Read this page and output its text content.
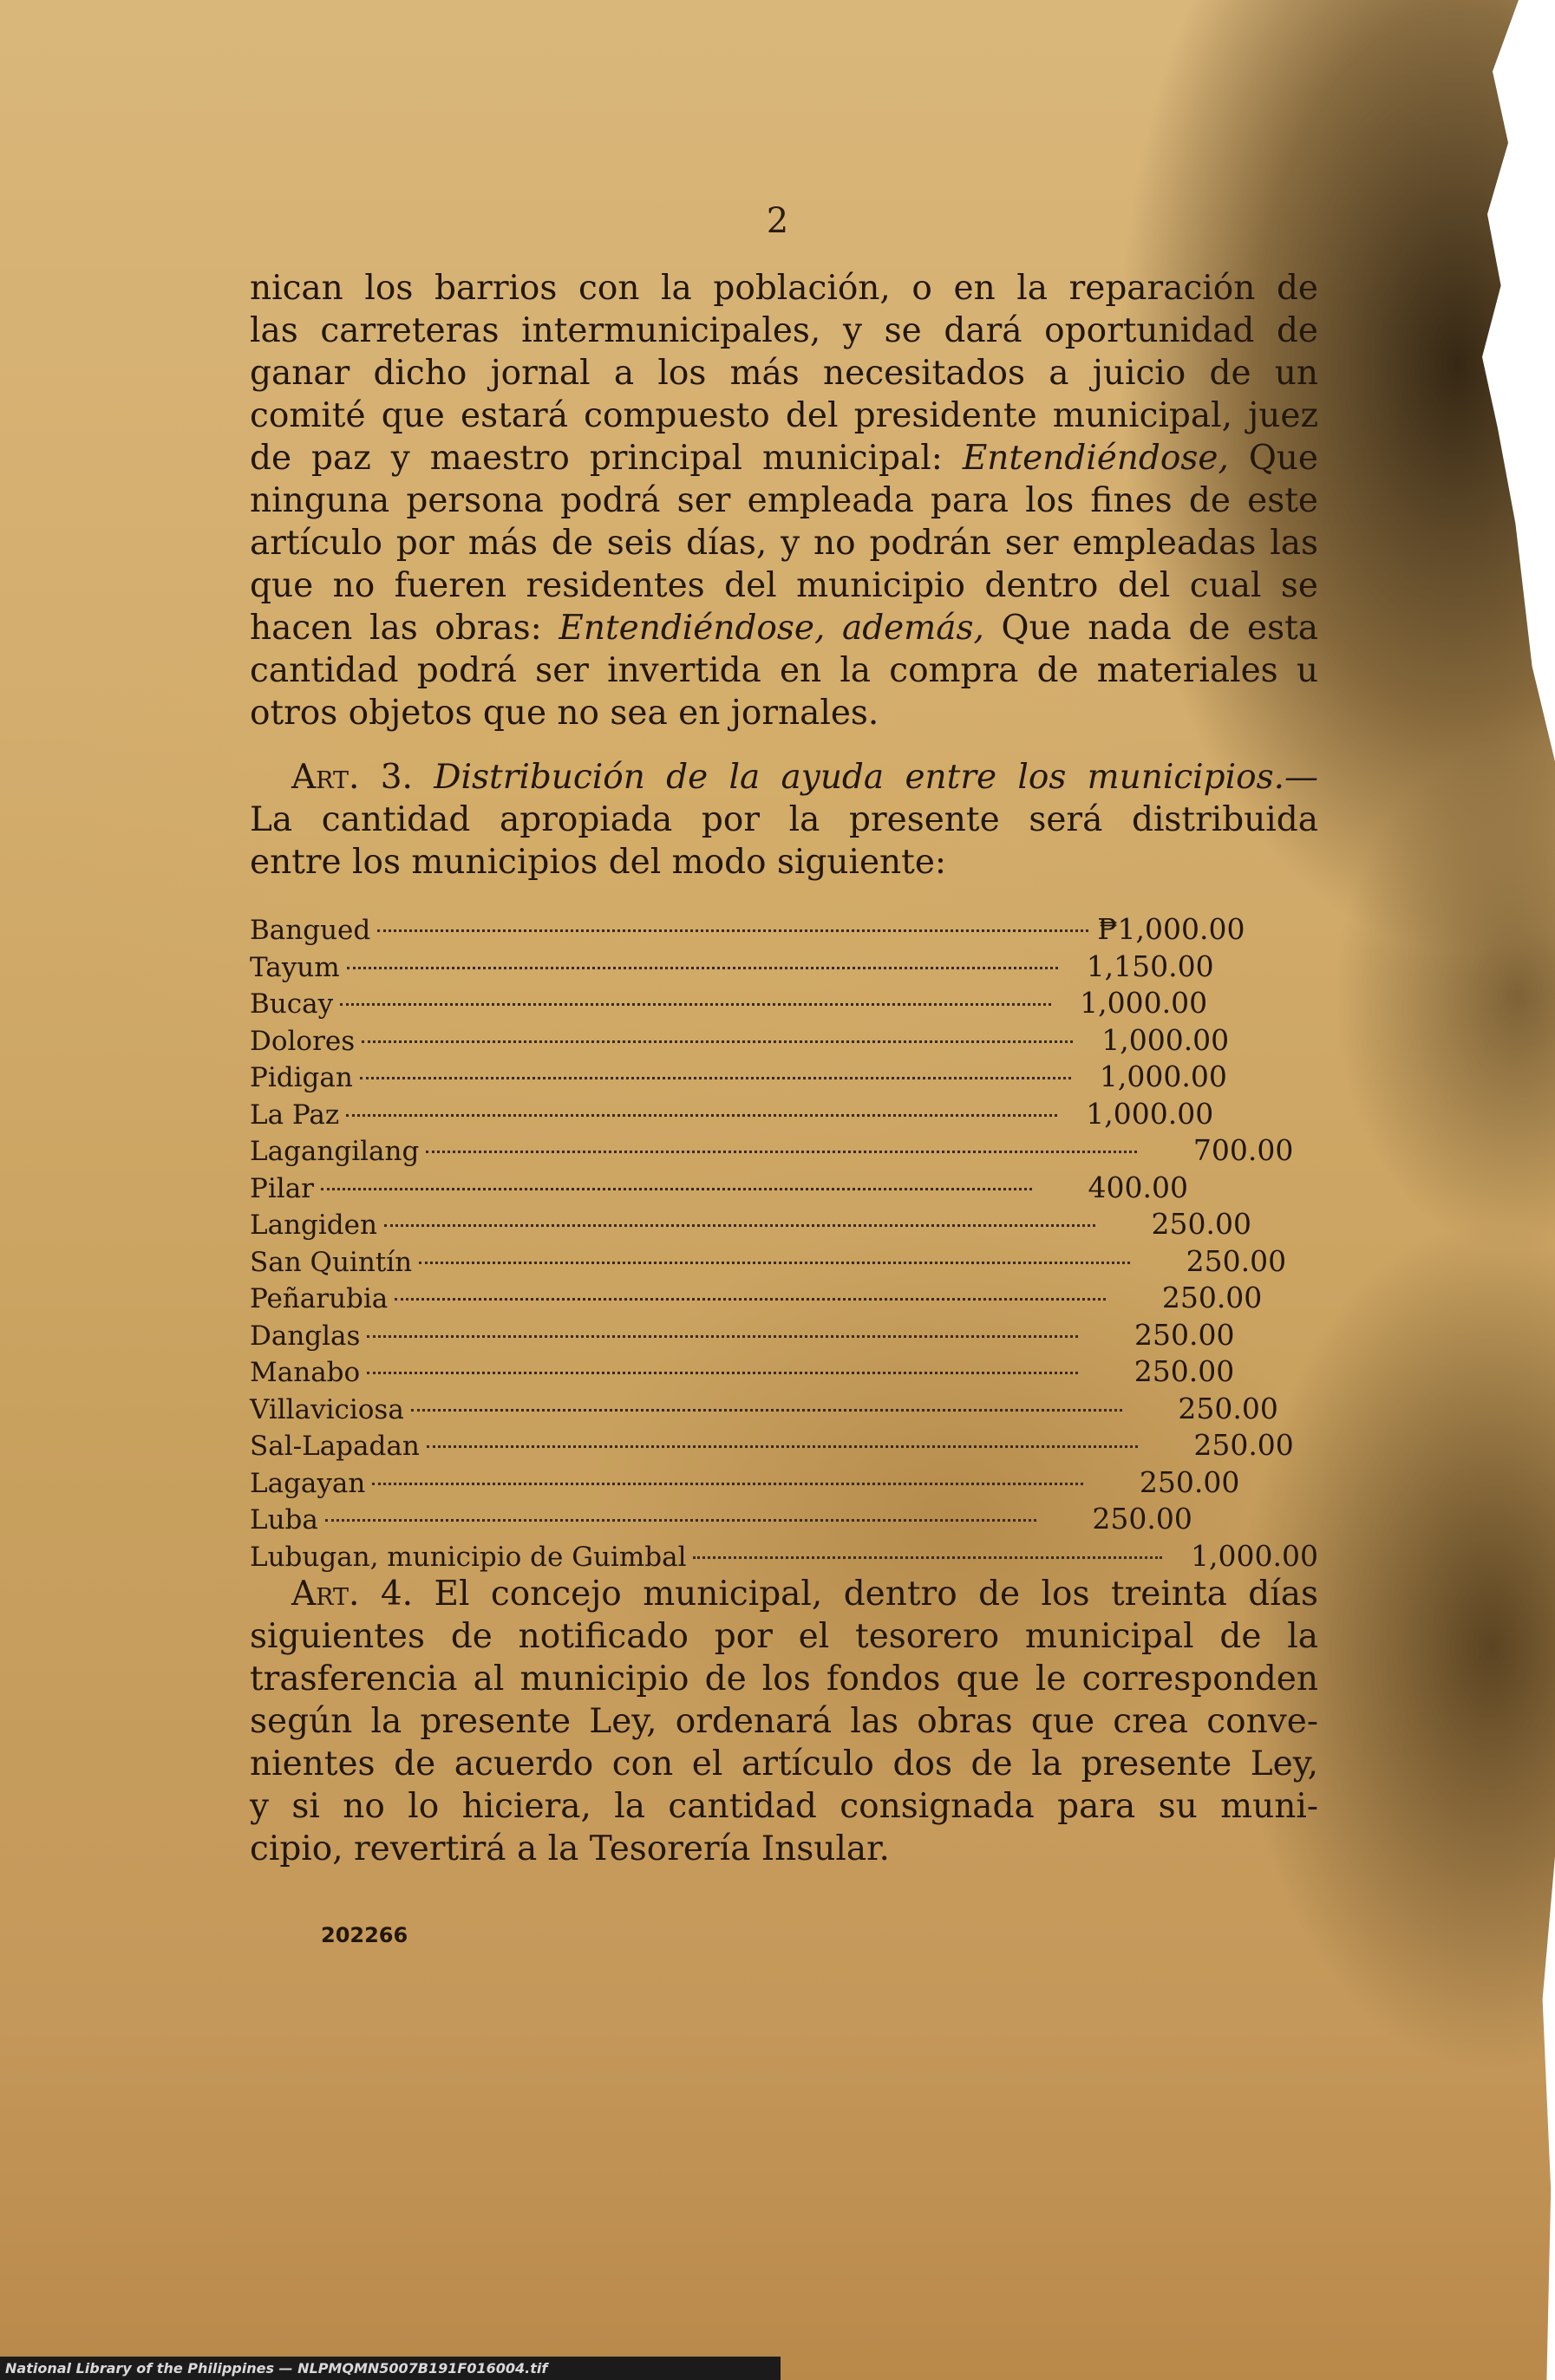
2
nican los barrios con la población, o en la reparación de
las carreteras intermunicipales, y se dará oportunidad de
ganar dicho jornal a los más necesitados a juicio de un
comité que estará compuesto del presidente municipal, juez
de paz y maestro principal municipal: Entendiéndose, Que
ninguna persona podrá ser empleada para los fines de este
artículo por más de seis días, y no podrán ser empleadas las
que no fueren residentes del municipio dentro del cual se
hacen las obras: Entendiéndose, además, Que nada de esta
cantidad podrá ser invertida en la compra de materiales u
otros objetos que no sea en jornales.
Art. 3. Distribución de la ayuda entre los municipios.—
La cantidad apropiada por la presente será distribuida
entre los municipios del modo siguiente:
Bangued	₱1,000.00
Tayum	1,150.00
Bucay	1,000.00
Dolores	1,000.00
Pidigan	1,000.00
La Paz	1,000.00
Lagangilang	700.00
Pilar	400.00
Langiden	250.00
San Quintín	250.00
Peñarubia	250.00
Danglas	250.00
Manabo	250.00
Villaviciosa	250.00
Sal-Lapadan	250.00
Lagayan	250.00
Luba	250.00
Lubugan, municipio de Guimbal	1,000.00
Art. 4. El concejo municipal, dentro de los treinta días
siguientes de notificado por el tesorero municipal de la
trasferencia al municipio de los fondos que le corresponden
según la presente Ley, ordenará las obras que crea conve-
nientes de acuerdo con el artículo dos de la presente Ley,
y si no lo hiciera, la cantidad consignada para su muni-
cipio, revertirá a la Tesorería Insular.
202266
National Library of the Philippines — NLPMQMN5007B191F016004.tif
